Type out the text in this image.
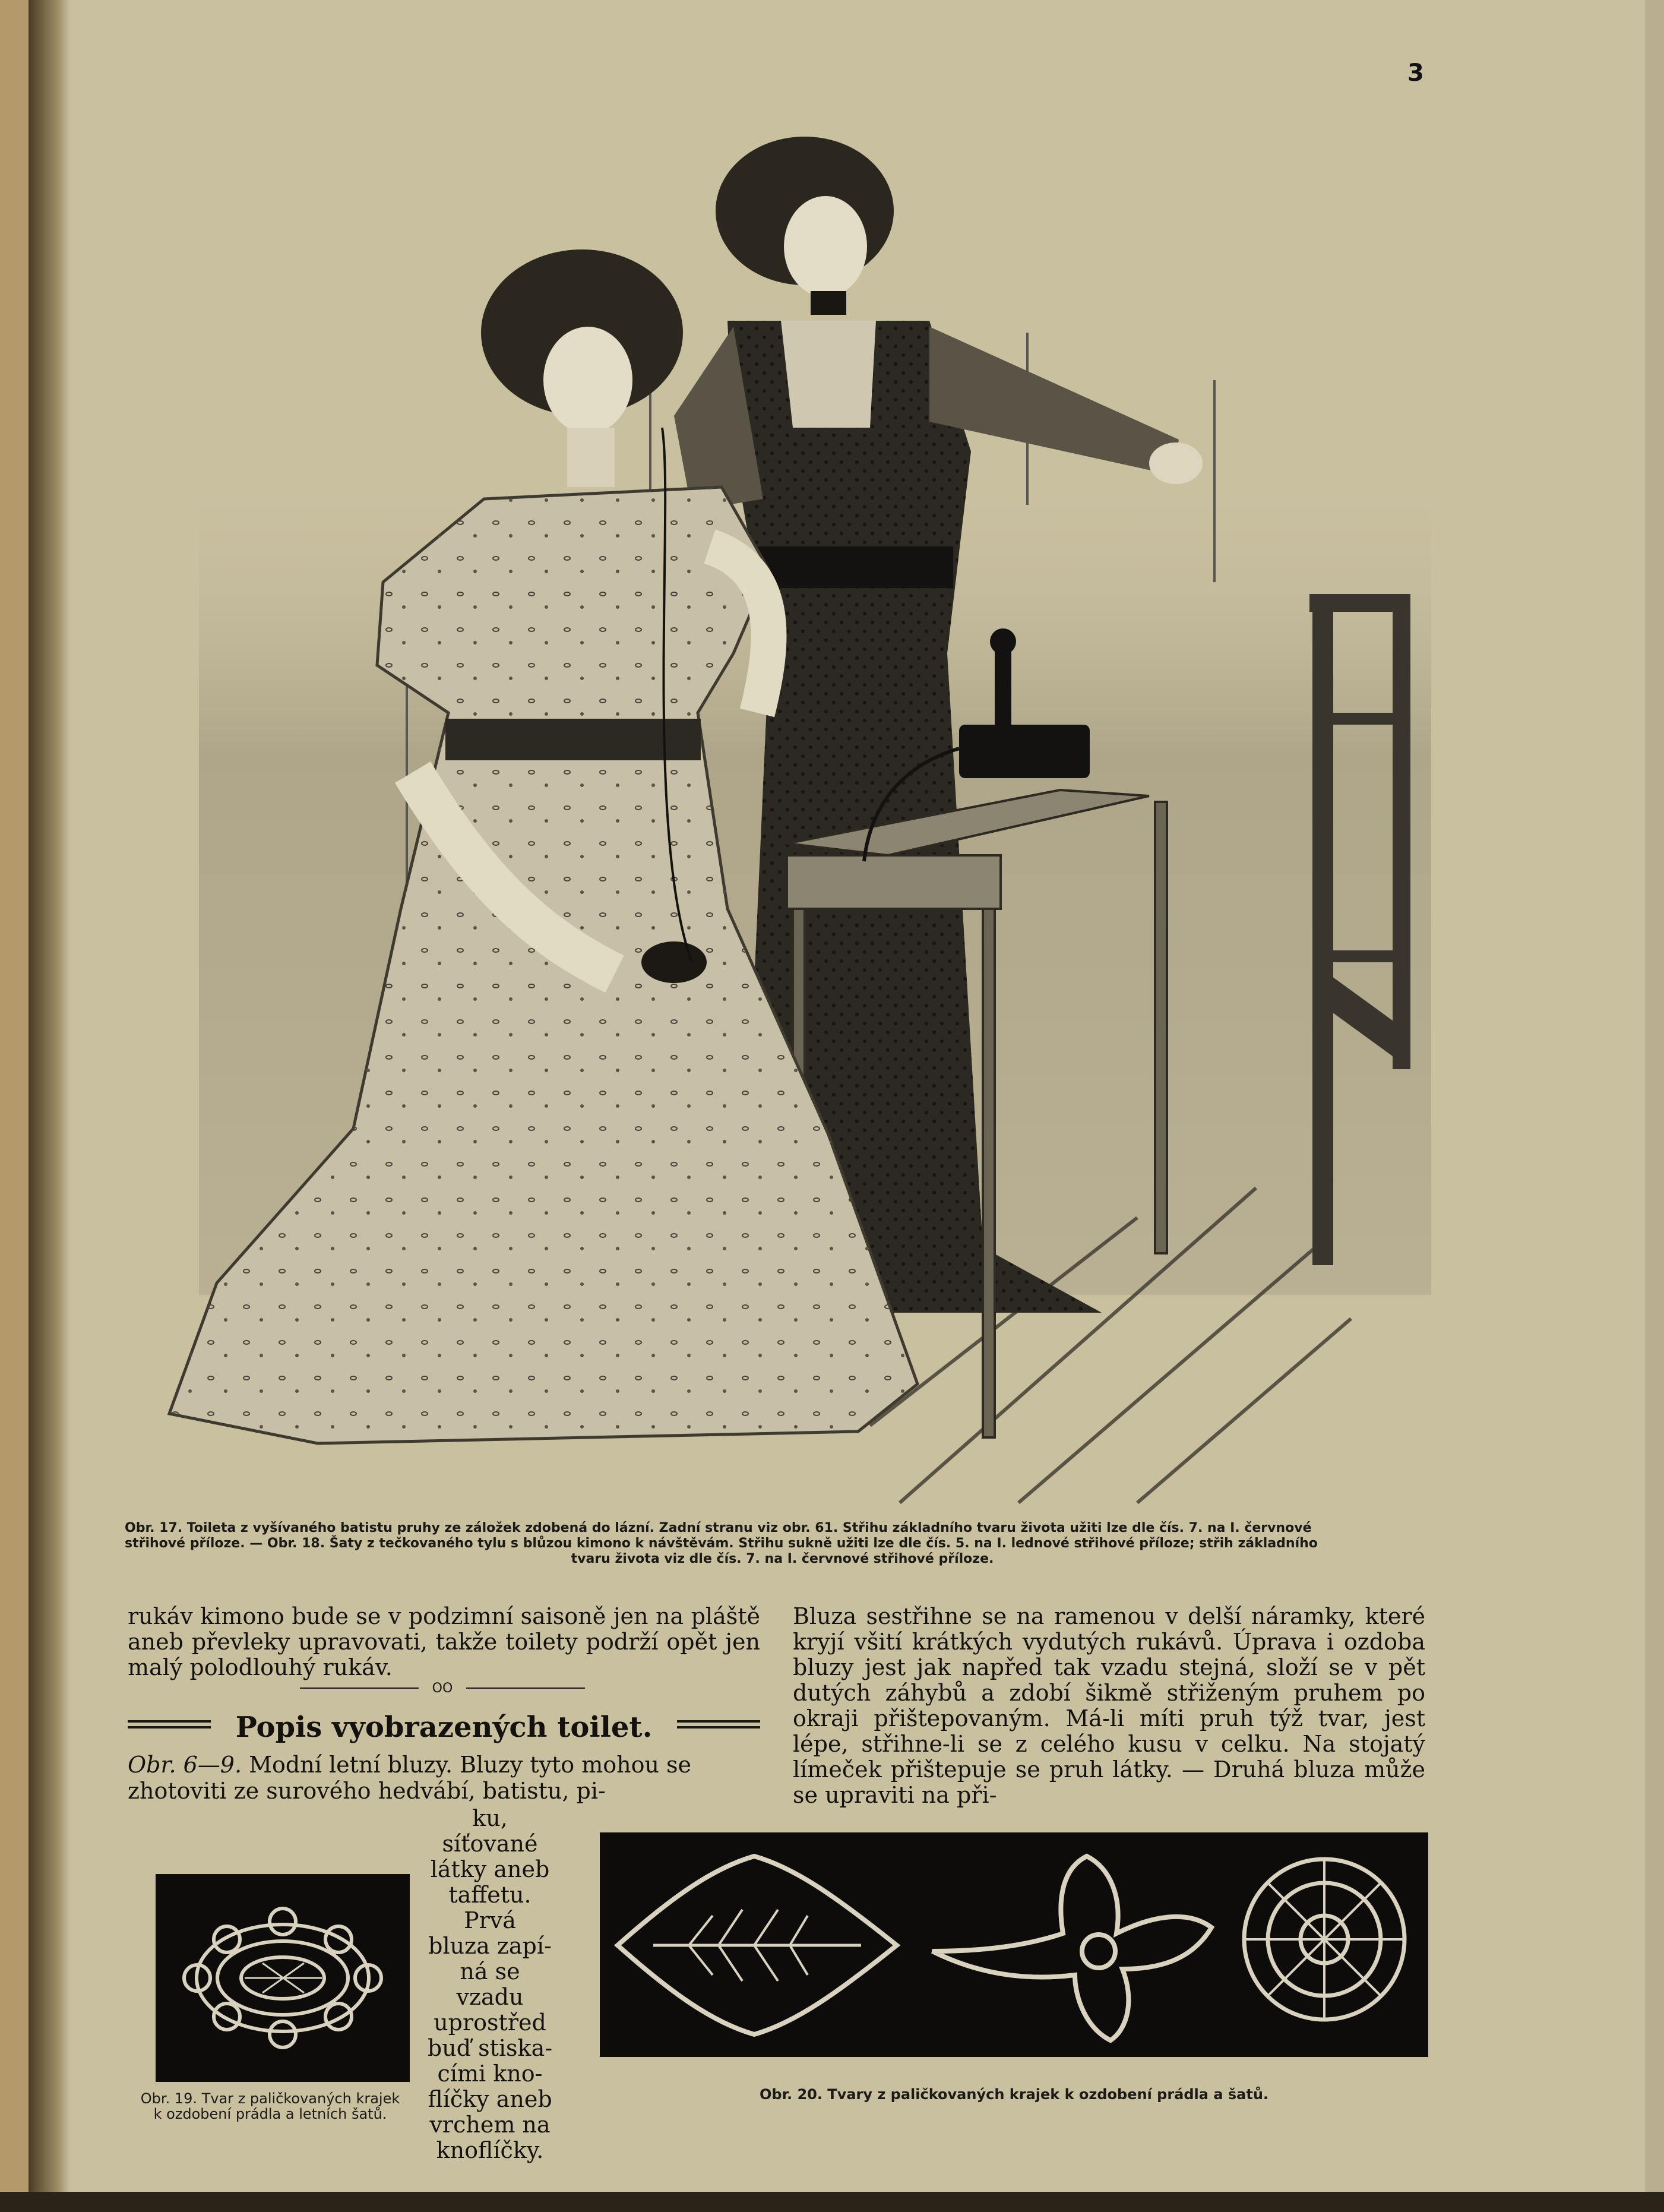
3
Obr. 17. Toileta z vyšívaného batistu pruhy ze záložek zdobená do lázní. Zadní stranu viz obr. 61. Střihu základního tvaru života užiti lze dle čís. 7. na I. červnové
střihové příloze. — Obr. 18. Šaty z tečkovaného tylu s blůzou kimono k návštěvám. Střihu sukně užiti lze dle čís. 5. na I. lednové střihové příloze; střih základního
tvaru života viz dle čís. 7. na I. červnové střihové příloze.
rukáv kimono bude se v podzimní saisoně jen na pláště aneb převleky upravovati, takže toilety podrží opět jen malý polodlouhý rukáv.
OO
Popis vyobrazených toilet.
Obr. 6—9. Modní letní bluzy. Bluzy tyto mohou se
zhotoviti ze surového hedvábí, batistu, pi-
ku, síťované
látky aneb
taffetu. Prvá
bluza zapí-
ná se vzadu
uprostřed
buď stiska-
cími kno-
flíčky aneb
vrchem na
knoflíčky.
Bluza sestřihne se na ramenou v delší náramky, které kryjí všití krátkých vydutých rukávů. Úprava i ozdoba bluzy jest jak napřed tak vzadu stejná, složí se v pět dutých záhybů a zdobí šikmě střiženým pruhem po okraji přištepovaným. Má-li míti pruh týž tvar, jest lépe, střihne-li se z celého kusu v celku. Na stojatý límeček přištepuje se pruh látky. — Druhá bluza může se upraviti na při-
Obr. 19. Tvar z paličkovaných krajek
k ozdobení prádla a letních šatů.
Obr. 20. Tvary z paličkovaných krajek k ozdobení prádla a šatů.
